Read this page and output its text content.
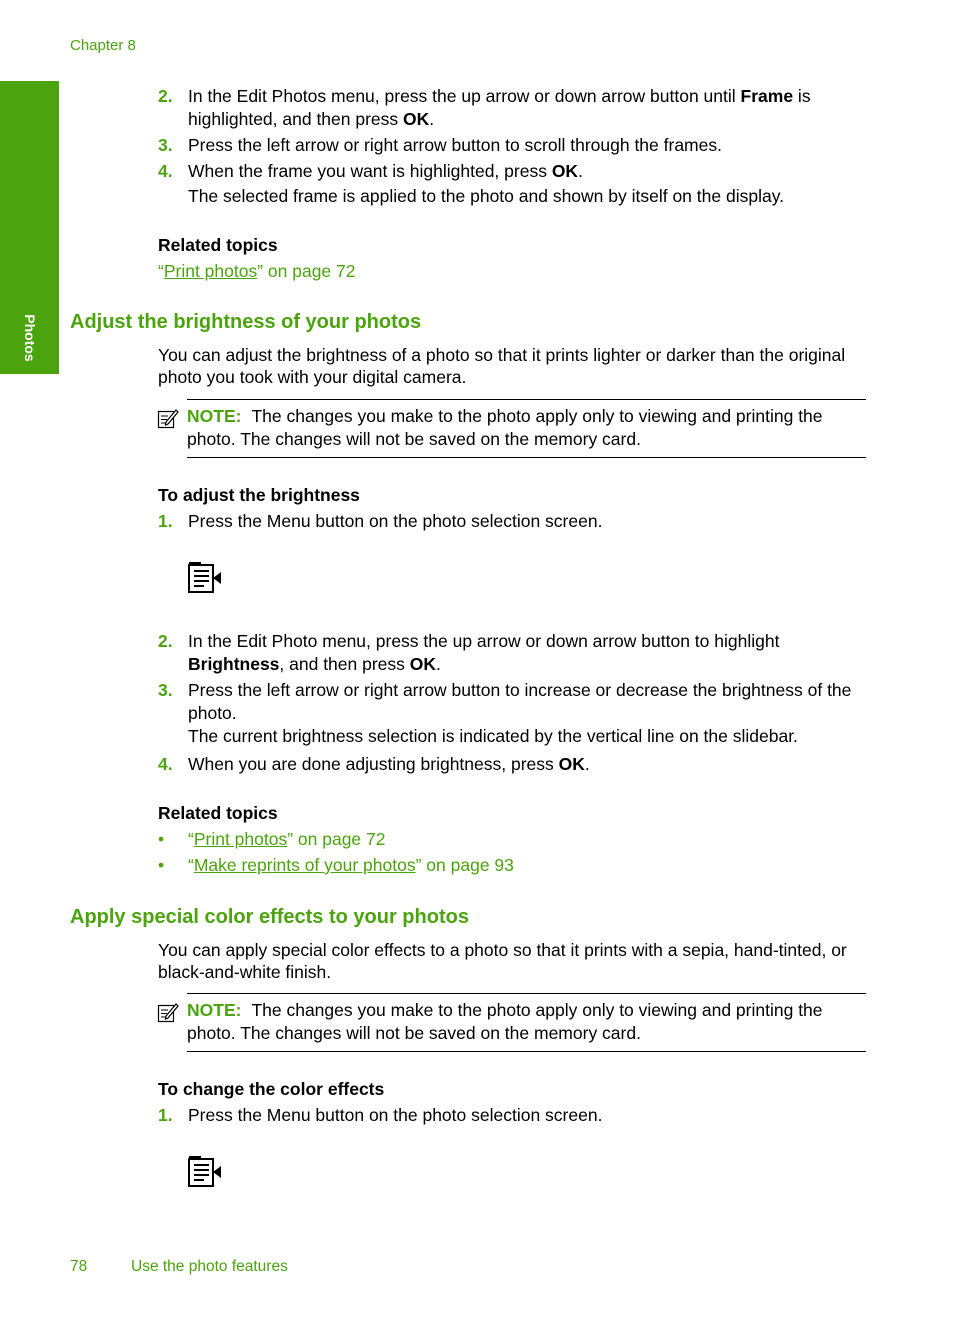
Chapter 8
Photos
2. In the Edit Photos menu, press the up arrow or down arrow button until Frame is highlighted, and then press OK.
3. Press the left arrow or right arrow button to scroll through the frames.
4. When the frame you want is highlighted, press OK.
The selected frame is applied to the photo and shown by itself on the display.
Related topics
“Print photos” on page 72
Adjust the brightness of your photos
You can adjust the brightness of a photo so that it prints lighter or darker than the original photo you took with your digital camera.
NOTE: The changes you make to the photo apply only to viewing and printing the photo. The changes will not be saved on the memory card.
To adjust the brightness
1. Press the Menu button on the photo selection screen.
2. In the Edit Photo menu, press the up arrow or down arrow button to highlight Brightness, and then press OK.
3. Press the left arrow or right arrow button to increase or decrease the brightness of the photo.
The current brightness selection is indicated by the vertical line on the slidebar.
4. When you are done adjusting brightness, press OK.
Related topics
• “Print photos” on page 72
• “Make reprints of your photos” on page 93
Apply special color effects to your photos
You can apply special color effects to a photo so that it prints with a sepia, hand-tinted, or black-and-white finish.
NOTE: The changes you make to the photo apply only to viewing and printing the photo. The changes will not be saved on the memory card.
To change the color effects
1. Press the Menu button on the photo selection screen.
78	Use the photo features
